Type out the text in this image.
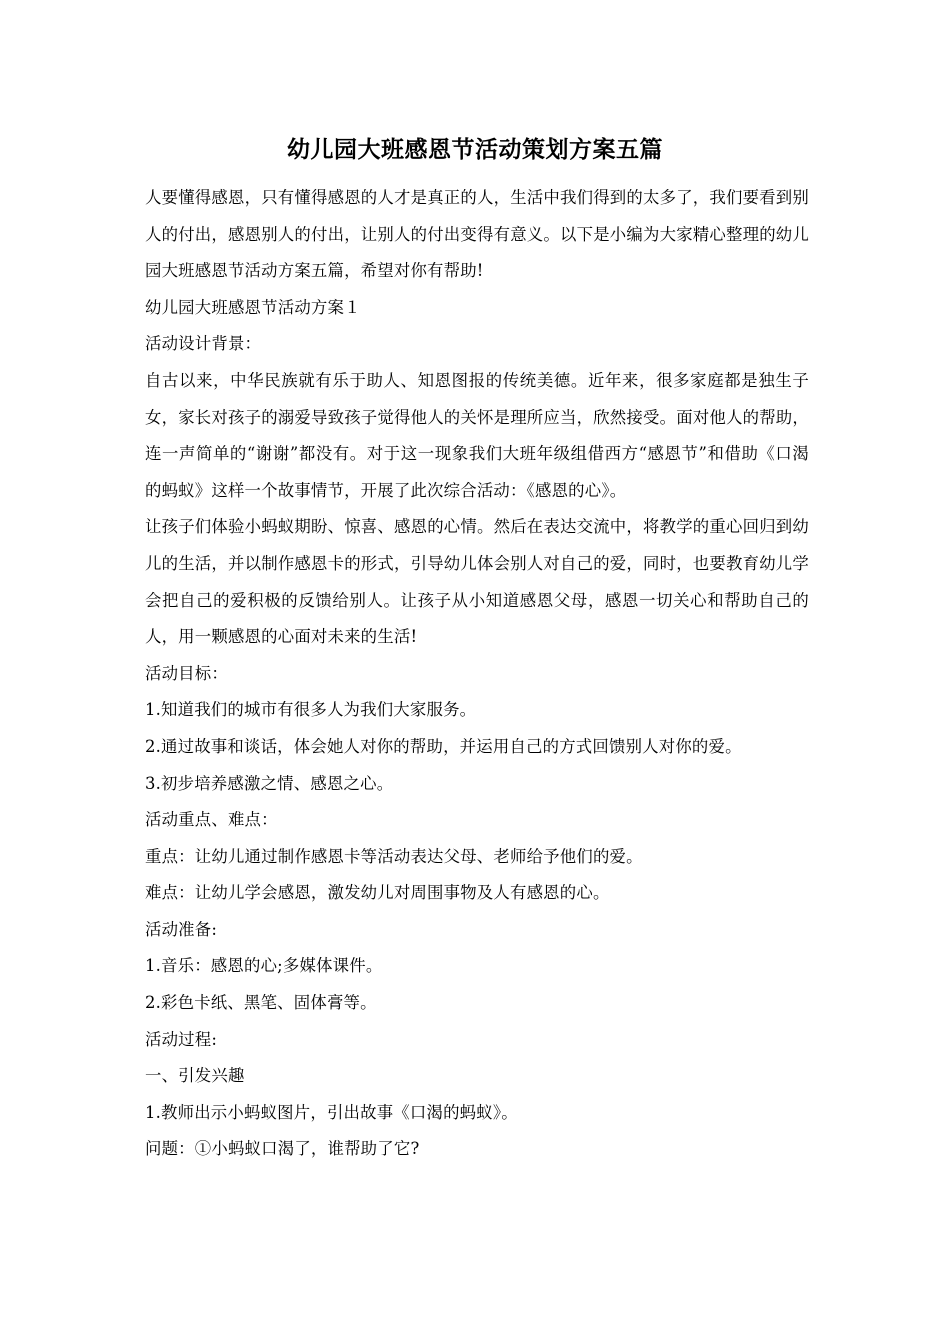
幼儿园大班感恩节活动策划方案五篇

人要懂得感恩，只有懂得感恩的人才是真正的人，生活中我们得到的太多了，我们要看到别人的付出，感恩别人的付出，让别人的付出变得有意义。以下是小编为大家精心整理的幼儿园大班感恩节活动方案五篇，希望对你有帮助!

幼儿园大班感恩节活动方案１

活动设计背景：

自古以来，中华民族就有乐于助人、知恩图报的传统美德。近年来，很多家庭都是独生子女，家长对孩子的溺爱导致孩子觉得他人的关怀是理所应当，欣然接受。面对他人的帮助，连一声简单的“谢谢”都没有。对于这一现象我们大班年级组借西方“感恩节”和借助《口渴的蚂蚁》这样一个故事情节，开展了此次综合活动：《感恩的心》。

让孩子们体验小蚂蚁期盼、惊喜、感恩的心情。然后在表达交流中，将教学的重心回归到幼儿的生活，并以制作感恩卡的形式，引导幼儿体会别人对自己的爱，同时，也要教育幼儿学会把自己的爱积极的反馈给别人。让孩子从小知道感恩父母，感恩一切关心和帮助自己的人，用一颗感恩的心面对未来的生活!

活动目标：

1.知道我们的城市有很多人为我们大家服务。

2.通过故事和谈话，体会她人对你的帮助，并运用自己的方式回馈别人对你的爱。

3.初步培养感激之情、感恩之心。

活动重点、难点：

重点：让幼儿通过制作感恩卡等活动表达父母、老师给予他们的爱。

难点：让幼儿学会感恩，激发幼儿对周围事物及人有感恩的心。

活动准备:

1.音乐：感恩的心;多媒体课件。

2.彩色卡纸、黑笔、固体膏等。

活动过程:

一、引发兴趣

1.教师出示小蚂蚁图片，引出故事《口渴的蚂蚁》。

问题：①小蚂蚁口渴了，谁帮助了它?
